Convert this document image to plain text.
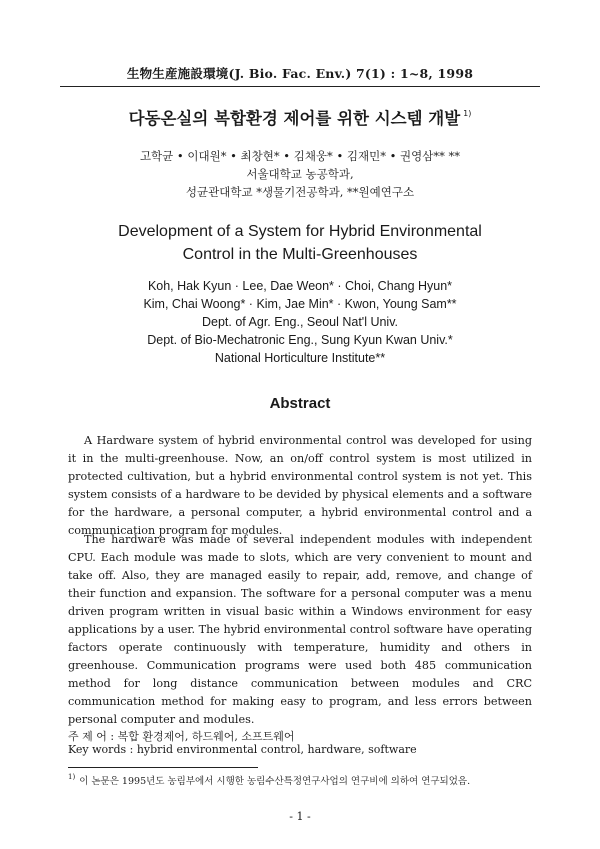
生物生産施設環境(J. Bio. Fac. Env.) 7(1) : 1~8, 1998
다동온실의 복합환경 제어를 위한 시스템 개발 $^{1)}$
고학균 • 이대원* • 최창현* • 김채웅* • 김재민* • 권영삼** **
서울대학교 농공학과,
성균관대학교 *생물기전공학과, **원예연구소
Development of a System for Hybrid Environmental
Control in the Multi-Greenhouses
Koh, Hak Kyun · Lee, Dae Weon* · Choi, Chang Hyun*
Kim, Chai Woong* · Kim, Jae Min* · Kwon, Young Sam**
Dept. of Agr. Eng., Seoul Nat'l Univ.
Dept. of Bio-Mechatronic Eng., Sung Kyun Kwan Univ.*
National Horticulture Institute**
Abstract

A Hardware system of hybrid environmental control was developed for using it in the multi-greenhouse. Now, an on/off control system is most utilized in protected cultivation, but a hybrid environmental control system is not yet. This system consists of a hardware to be devided by physical elements and a software for the hardware, a personal computer, a hybrid environmental control and a communication program for modules.

The hardware was made of several independent modules with independent CPU. Each module was made to slots, which are very convenient to mount and take off. Also, they are managed easily to repair, add, remove, and change of their function and expansion. The software for a personal computer was a menu driven program written in visual basic within a Windows environment for easy applications by a user. The hybrid environmental control software have operating factors operate continuously with temperature, humidity and others in greenhouse. Communication programs were used both 485 communication method for long distance communication between modules and CRC communication method for making easy to program, and less errors between personal computer and modules.

주 제 어 : 복합 환경제어, 하드웨어, 소프트웨어
Key words : hybrid environmental control, hardware, software
$^{1)}$ 이 논문은 1995년도 농림부에서 시행한 농림수산특정연구사업의 연구비에 의하여 연구되었음.
- 1 -
